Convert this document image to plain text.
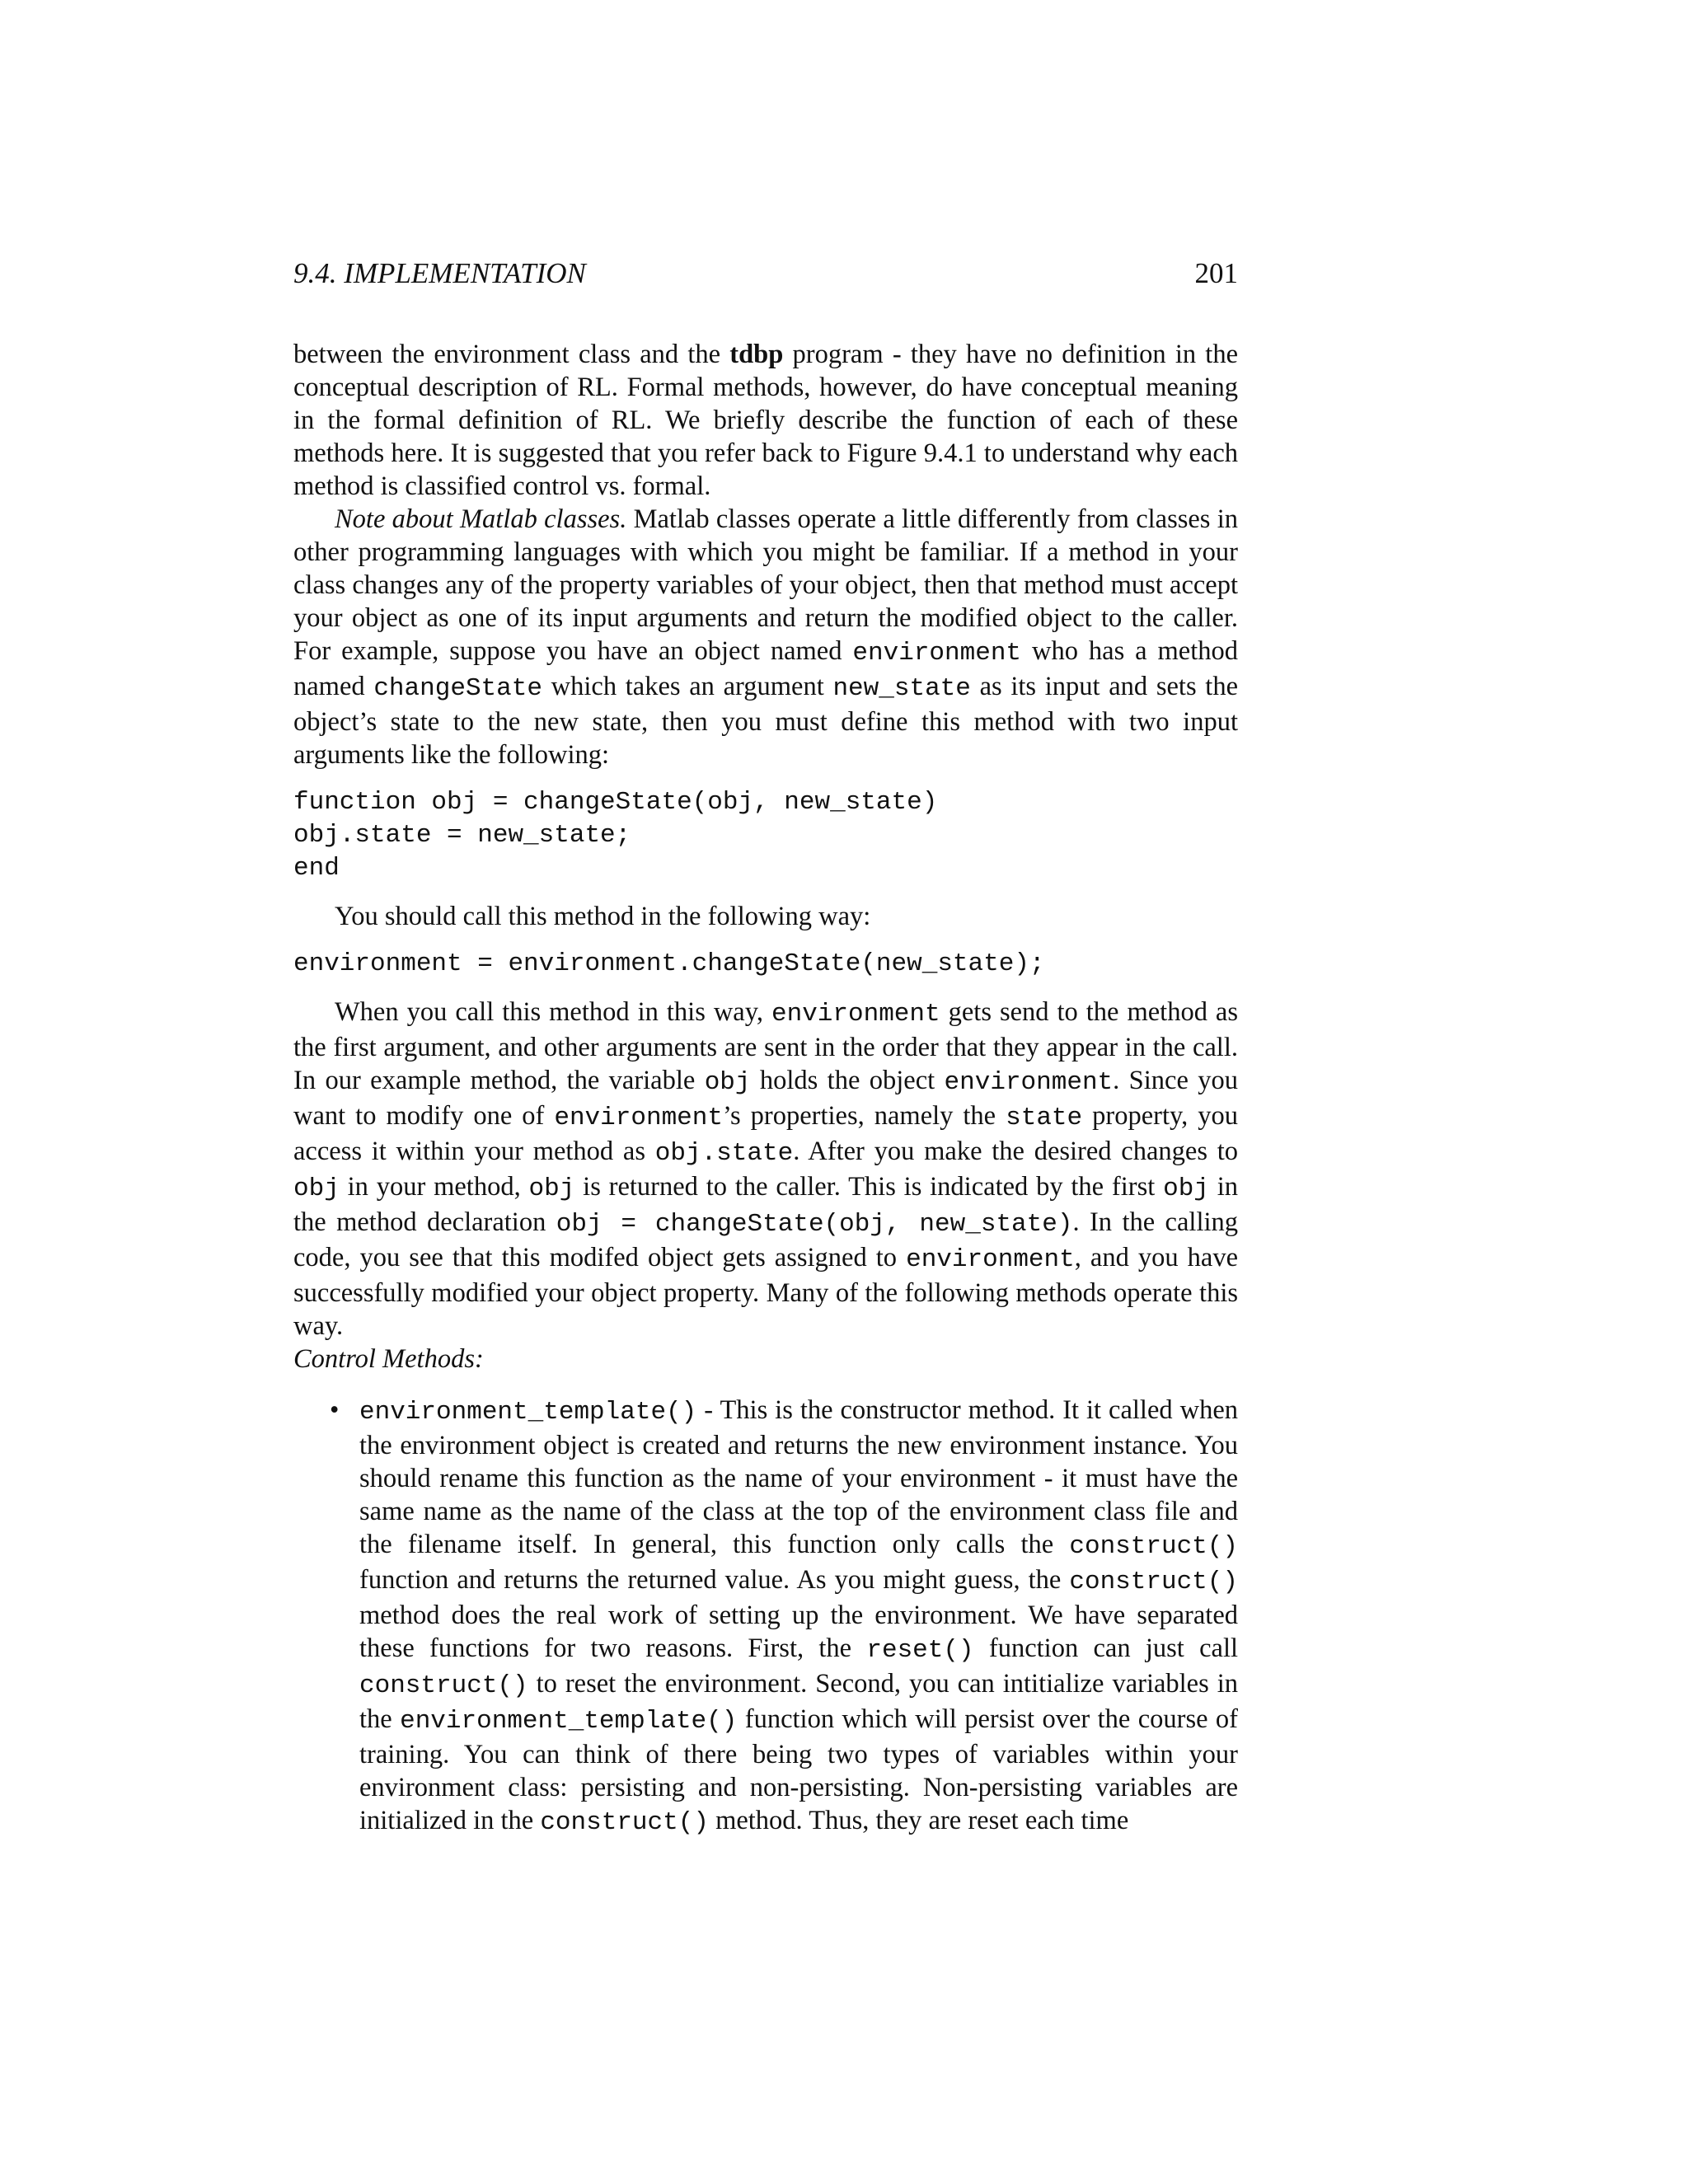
9.4. IMPLEMENTATION	201

between the environment class and the tdbp program - they have no definition in the conceptual description of RL. Formal methods, however, do have conceptual meaning in the formal definition of RL. We briefly describe the function of each of these methods here. It is suggested that you refer back to Figure 9.4.1 to understand why each method is classified control vs. formal.

Note about Matlab classes. Matlab classes operate a little differently from classes in other programming languages with which you might be familiar. If a method in your class changes any of the property variables of your object, then that method must accept your object as one of its input arguments and return the modified object to the caller. For example, suppose you have an object named environment who has a method named changeState which takes an argument new_state as its input and sets the object’s state to the new state, then you must define this method with two input arguments like the following:

function obj = changeState(obj, new_state)
obj.state = new_state;
end

You should call this method in the following way:

environment = environment.changeState(new_state);

When you call this method in this way, environment gets send to the method as the first argument, and other arguments are sent in the order that they appear in the call. In our example method, the variable obj holds the object environment. Since you want to modify one of environment’s properties, namely the state property, you access it within your method as obj.state. After you make the desired changes to obj in your method, obj is returned to the caller. This is indicated by the first obj in the method declaration obj = changeState(obj, new_state). In the calling code, you see that this modifed object gets assigned to environment, and you have successfully modified your object property. Many of the following methods operate this way.

Control Methods:

• environment_template() - This is the constructor method. It it called when the environment object is created and returns the new environment instance. You should rename this function as the name of your environment - it must have the same name as the name of the class at the top of the environment class file and the filename itself. In general, this function only calls the construct() function and returns the returned value. As you might guess, the construct() method does the real work of setting up the environment. We have separated these functions for two reasons. First, the reset() function can just call construct() to reset the environment. Second, you can intitialize variables in the environment_template() function which will persist over the course of training. You can think of there being two types of variables within your environment class: persisting and non-persisting. Non-persisting variables are initialized in the construct() method. Thus, they are reset each time
